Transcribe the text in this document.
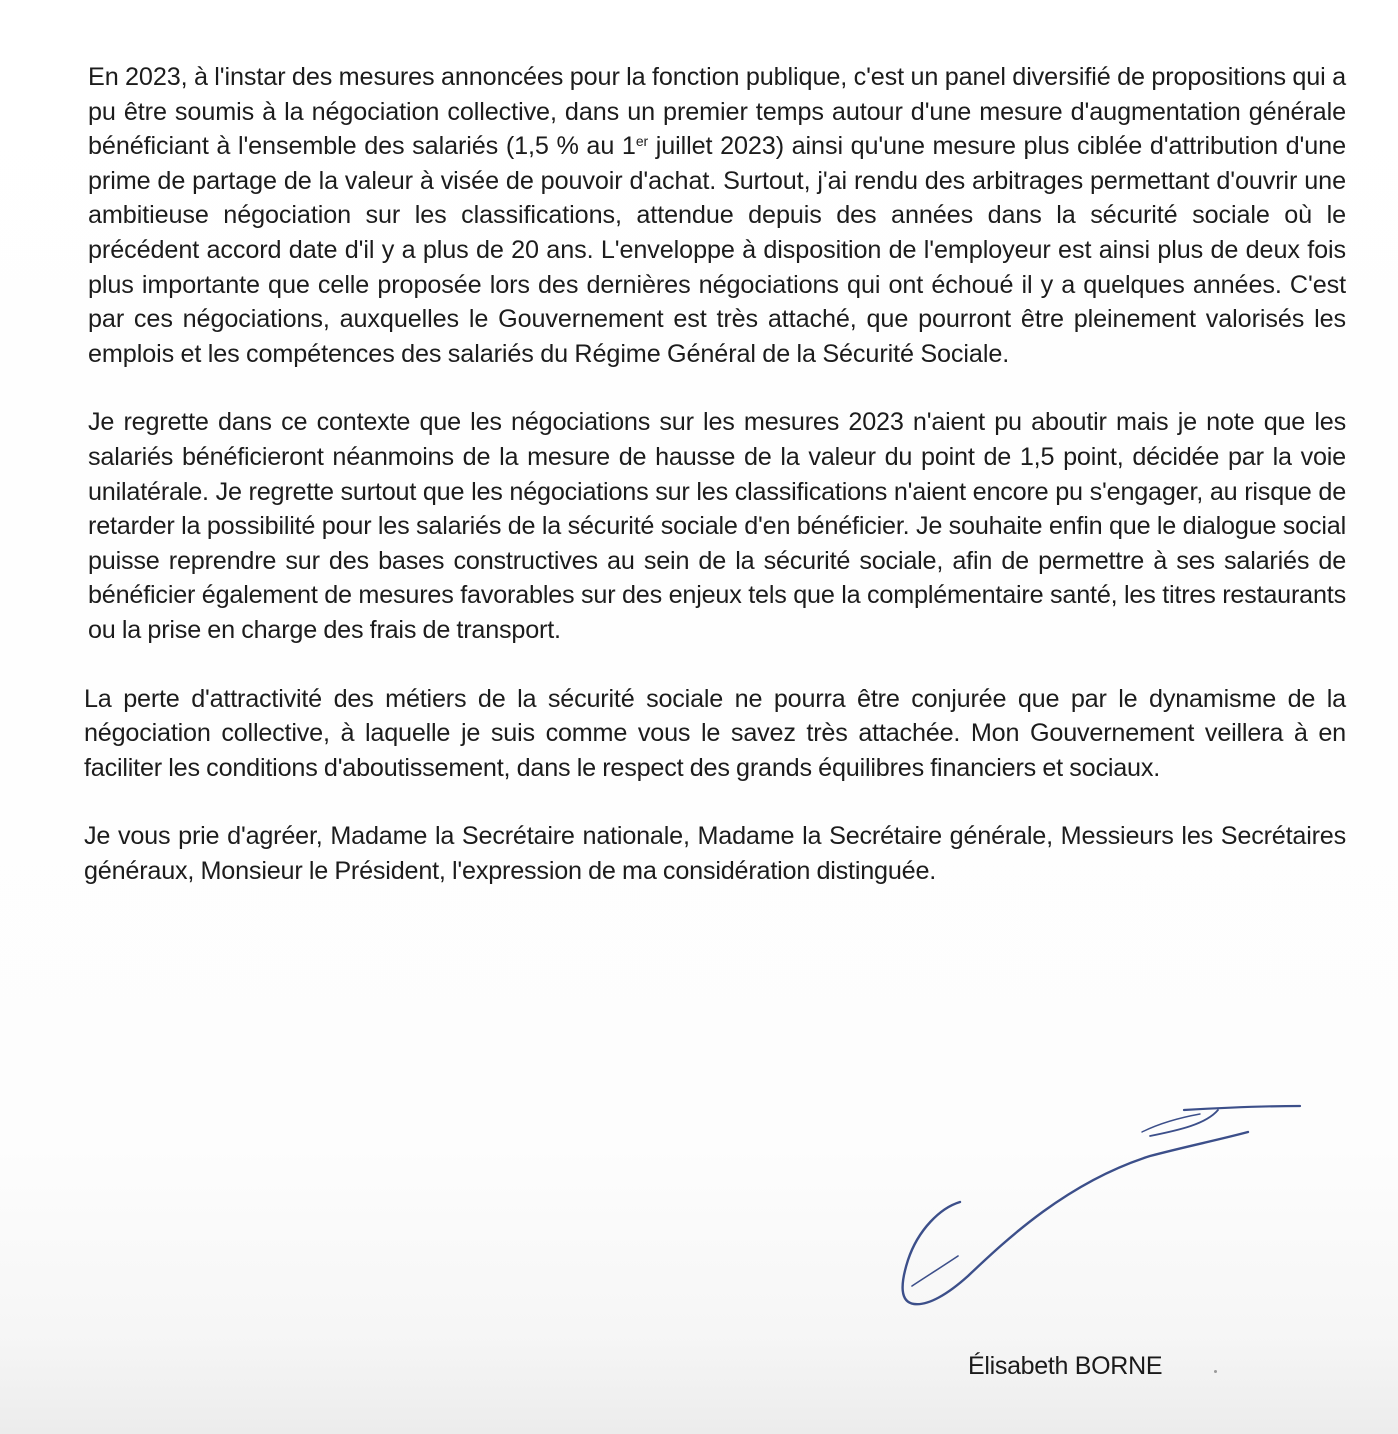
En 2023, à l'instar des mesures annoncées pour la fonction publique, c'est un panel diversifié de propositions qui a pu être soumis à la négociation collective, dans un premier temps autour d'une mesure d'augmentation générale bénéficiant à l'ensemble des salariés (1,5 % au 1er juillet 2023) ainsi qu'une mesure plus ciblée d'attribution d'une prime de partage de la valeur à visée de pouvoir d'achat. Surtout, j'ai rendu des arbitrages permettant d'ouvrir une ambitieuse négociation sur les classifications, attendue depuis des années dans la sécurité sociale où le précédent accord date d'il y a plus de 20 ans. L'enveloppe à disposition de l'employeur est ainsi plus de deux fois plus importante que celle proposée lors des dernières négociations qui ont échoué il y a quelques années. C'est par ces négociations, auxquelles le Gouvernement est très attaché, que pourront être pleinement valorisés les emplois et les compétences des salariés du Régime Général de la Sécurité Sociale.

Je regrette dans ce contexte que les négociations sur les mesures 2023 n'aient pu aboutir mais je note que les salariés bénéficieront néanmoins de la mesure de hausse de la valeur du point de 1,5 point, décidée par la voie unilatérale. Je regrette surtout que les négociations sur les classifications n'aient encore pu s'engager, au risque de retarder la possibilité pour les salariés de la sécurité sociale d'en bénéficier. Je souhaite enfin que le dialogue social puisse reprendre sur des bases constructives au sein de la sécurité sociale, afin de permettre à ses salariés de bénéficier également de mesures favorables sur des enjeux tels que la complémentaire santé, les titres restaurants ou la prise en charge des frais de transport.

La perte d'attractivité des métiers de la sécurité sociale ne pourra être conjurée que par le dynamisme de la négociation collective, à laquelle je suis comme vous le savez très attachée. Mon Gouvernement veillera à en faciliter les conditions d'aboutissement, dans le respect des grands équilibres financiers et sociaux.

Je vous prie d'agréer, Madame la Secrétaire nationale, Madame la Secrétaire générale, Messieurs les Secrétaires généraux, Monsieur le Président, l'expression de ma considération distinguée.

Élisabeth BORNE
